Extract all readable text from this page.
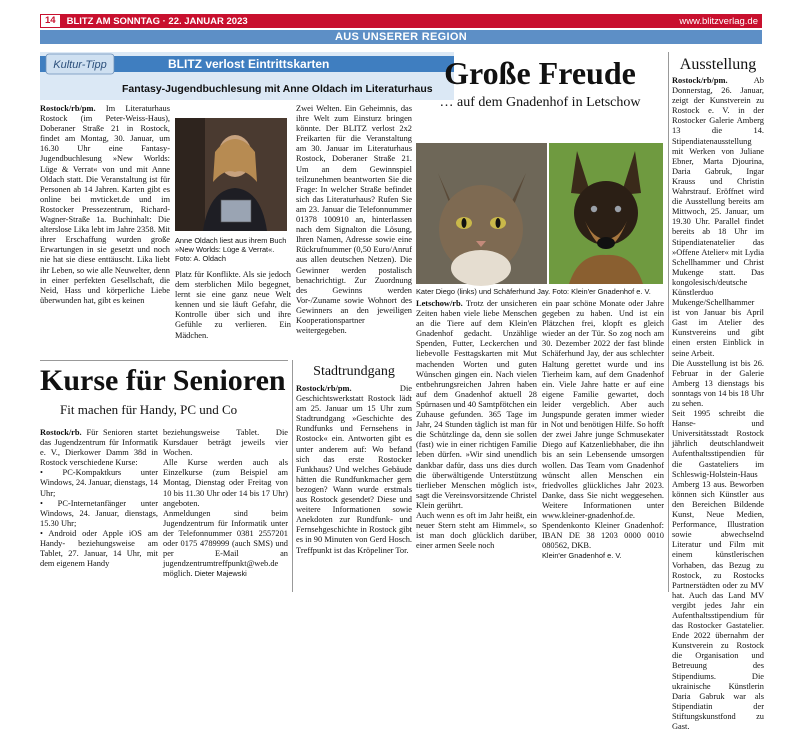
14	BLITZ AM SONNTAG · 22. JANUAR 2023	www.blitzverlag.de
AUS UNSERER REGION
Kultur-Tipp	BLITZ verlost Eintrittskarten
Fantasy-Jugendbuchlesung mit Anne Oldach im Literaturhaus

Rostock/rb/pm. Im Literaturhaus Rostock (im Peter-Weiss-Haus), Doberaner Straße 21 in Rostock, findet am Montag, 30. Januar, um 16.30 Uhr eine Fantasy-Jugendbuchlesung »New Worlds: Lüge & Verrat« von und mit Anne Oldach statt. Die Veranstaltung ist für Personen ab 14 Jahren. Karten gibt es online bei mvticket.de und im Rostocker Pressezentrum, Richard-Wagner-Straße 1a. Buchinhalt: Die alterslose Lika lebt im Jahre 2358. Mit ihrer Erschaffung wurden große Erwartungen in sie gesetzt und noch nie hat sie diese enttäuscht. Lika liebt ihr Leben, so wie alle Neuwelter, denn in einer perfekten Gesellschaft, die Neid, Hass und körperliche Liebe überwunden hat, gibt es keinen

Anne Oldach liest aus ihrem Buch »New Worlds: Lüge & Verrat«. Foto: A. Oldach

Platz für Konflikte. Als sie jedoch dem sterblichen Milo begegnet, lernt sie eine ganz neue Welt kennen und sie läuft Gefahr, die Kontrolle über sich und ihre Gefühle zu verlieren. Ein Mädchen.

Zwei Welten. Ein Geheimnis, das ihre Welt zum Einsturz bringen könnte. Der BLITZ verlost 2x2 Freikarten für die Veranstaltung am 30. Januar im Literaturhaus Rostock, Doberaner Straße 21. Um an dem Gewinnspiel teilzunehmen beantworten Sie die Frage: In welcher Straße befindet sich das Literaturhaus? Rufen Sie am 23. Januar die Telefonnummer 01378 100910 an, hinterlassen nach dem Signalton die Lösung, Ihren Namen, Adresse sowie eine Rückrufnummer (0,50 Euro/Anruf aus allen deutschen Netzen). Die Gewinner werden postalisch benachrichtigt. Zur Zuordnung des Gewinns werden Vor-/Zuname sowie Wohnort des Gewinners an den jeweiligen Kooperationspartner weitergegeben.

Große Freude
… auf dem Gnadenhof in Letschow
Kater Diego (links) und Schäferhund Jay. Foto: Klein'er Gnadenhof e. V.

Letschow/rb. Trotz der unsicheren Zeiten haben viele liebe Menschen an die Tiere auf dem Klein'en Gnadenhof gedacht. Unzählige Spenden, Futter, Leckerchen und liebevolle Festtagskarten mit Mut machenden Worten und guten Wünschen gingen ein. Nach vielen entbehrungsreichen Jahren haben auf dem Gnadenhof aktuell 28 Spürnasen und 40 Samtpfötchen ein Zuhause gefunden. 365 Tage im Jahr, 24 Stunden täglich ist man für die Schützlinge da, denn sie sollen (fast) wie in einer richtigen Familie leben dürfen. »Wir sind unendlich dankbar dafür, dass uns dies durch die überwältigende Unterstützung tierlieber Menschen möglich ist«, sagt die Vereinsvorsitzende Christel Klein gerührt.
Auch wenn es oft im Jahr heißt, ein neuer Stern steht am Himmel«, so ist man doch glücklich darüber, einer armen Seele noch

ein paar schöne Monate oder Jahre gegeben zu haben. Und ist ein Plätzchen frei, klopft es gleich wieder an der Tür. So zog noch am 30. Dezember 2022 der fast blinde Schäferhund Jay, der aus schlechter Haltung gerettet wurde und ins Tierheim kam, auf dem Gnadenhof ein. Viele Jahre hatte er auf eine eigene Familie gewartet, doch leider vergeblich. Aber auch Jungspunde geraten immer wieder in Not und benötigen Hilfe. So hofft der zwei Jahre junge Schmusekater Diego auf Katzenliebhaber, die ihn bis an sein Lebensende umsorgen wollen. Das Team vom Gnadenhof wünscht allen Menschen ein friedvolles glückliches Jahr 2023. Danke, dass Sie nicht weggesehen. Weitere Informationen unter www.kleiner-gnadenhof.de.
Spendenkonto Kleiner Gnadenhof: IBAN DE 38 1203 0000 0010 080562, DKB.

Klein'er Gnadenhof e. V.

Ausstellung

Rostock/rb/pm.	Ab Donnerstag, 26. Januar, zeigt der Kunstverein zu Rostock e. V. in der Rostocker Galerie Amberg 13 die 14. Stipendiatenausstellung mit Werken von Juliane Ebner, Marta Djourina, Daria Gabruk, Ingar Krauss und Christin Wahrstrauf. Eröffnet wird die Ausstellung bereits am Mittwoch, 25. Januar, um 19.30 Uhr. Parallel findet bereits ab 18 Uhr im Stipendiatenatelier das »Offene Atelier« mit Lydia Schellhammer und Christ Mukenge statt. Das kongolesisch/deutsche Künstlerduo Mukenge/Schellhammer ist von Januar bis April Gast im Atelier des Kunstvereins und gibt einen ersten Einblick in seine Arbeit.
Die Ausstellung ist bis 26. Februar in der Galerie Amberg 13 dienstags bis sonntags von 14 bis 18 Uhr zu sehen.
Seit 1995 schreibt die Hanse- und Universitätsstadt Rostock jährlich deutschlandweit Aufenthaltsstipendien für die Gastateliers im Schleswig-Holstein-Haus Amberg 13 aus. Beworben können sich Künstler aus den Bereichen Bildende Kunst, Neue Medien, Performance, Illustration sowie abwechselnd Literatur und Film mit einem künstlerischen Vorhaben, das Bezug zu Rostock, zu Rostocks Partnerstädten oder zu MV hat. Auch das Land MV vergibt jedes Jahr ein Aufenthaltsstipendium für das Rostocker Gastatelier. Ende 2022 übernahm der Kunstverein zu Rostock die Organisation und Betreuung des Stipendiums. Die ukrainische Künstlerin Daria Gabruk war als Stipendiatin der Stiftungskunstfond zu Gast.

Kurse für Senioren
Fit machen für Handy, PC und Co

Rostock/rb. Für Senioren startet das Jugendzentrum für Informatik e. V., Dierkower Damm 38d in Rostock verschiedene Kurse:
• PC-Kompaktkurs unter Windows, 24. Januar, dienstags, 14 Uhr;
• PC-Internetanfänger unter Windows, 24. Januar, dienstags, 15.30 Uhr;
• Android oder Apple iOS am Handy- beziehungsweise am Tablet, 27. Januar, 14 Uhr, mit dem eigenem Handy

beziehungsweise Tablet. Die Kursdauer beträgt jeweils vier Wochen.
Alle Kurse werden auch als Einzelkurse (zum Beispiel am Montag, Dienstag oder Freitag von 10 bis 11.30 Uhr oder 14 bis 17 Uhr) angeboten.
Anmeldungen sind beim Jugendzentrum für Informatik unter der Telefonnummer 0381 2557201 oder 0175 4789999 (auch SMS) und per E-Mail an jugendzentrumtreffpunkt@web.de möglich. Dieter Majewski

Stadtrundgang

Rostock/rb/pm.	Die Geschichtswerkstatt Rostock lädt am 25. Januar um 15 Uhr zum Stadtrundgang »Geschichte des Rundfunks und Fernsehens in Rostock« ein. Antworten gibt es unter anderem auf: Wo befand sich das erste Rostocker Funkhaus? Und welches Gebäude hätten die Rundfunkmacher gern bezogen? Wann wurde erstmals aus Rostock gesendet? Diese und weitere Informationen sowie Anekdoten zur Rundfunk- und Fernsehgeschichte in Rostock gibt es in 90 Minuten von Gerd Hosch. Treffpunkt ist das Kröpeliner Tor.
